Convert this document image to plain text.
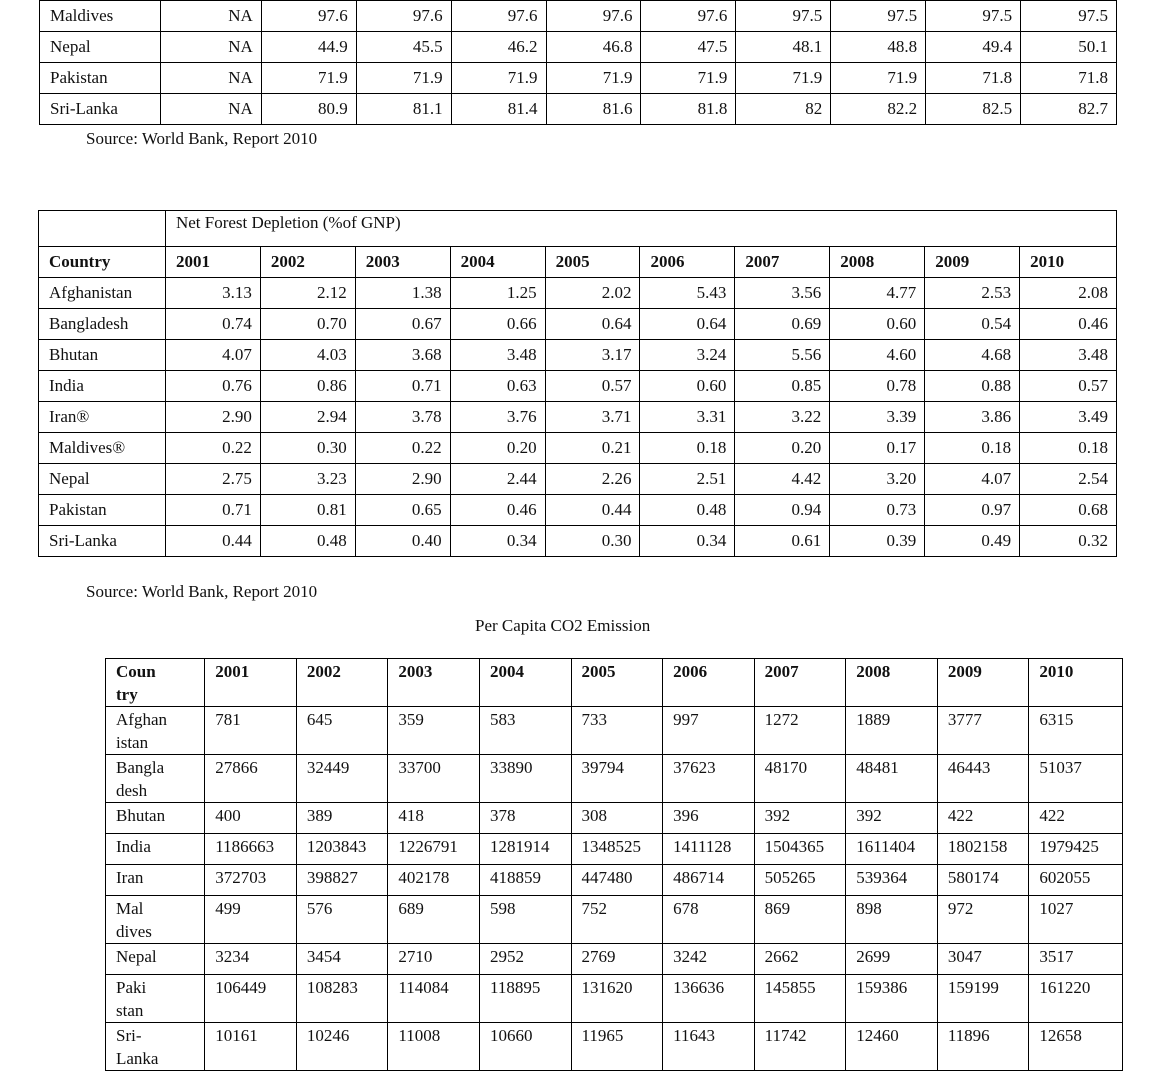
Maldives	NA	97.6	97.6	97.6	97.6	97.6	97.5	97.5	97.5	97.5
Nepal	NA	44.9	45.5	46.2	46.8	47.5	48.1	48.8	49.4	50.1
Pakistan	NA	71.9	71.9	71.9	71.9	71.9	71.9	71.9	71.8	71.8
Sri-Lanka	NA	80.9	81.1	81.4	81.6	81.8	82	82.2	82.5	82.7
Source: World Bank, Report 2010
	Net Forest Depletion (%of GNP)									
Country	2001	2002	2003	2004	2005	2006	2007	2008	2009	2010
Afghanistan	3.13	2.12	1.38	1.25	2.02	5.43	3.56	4.77	2.53	2.08
Bangladesh	0.74	0.70	0.67	0.66	0.64	0.64	0.69	0.60	0.54	0.46
Bhutan	4.07	4.03	3.68	3.48	3.17	3.24	5.56	4.60	4.68	3.48
India	0.76	0.86	0.71	0.63	0.57	0.60	0.85	0.78	0.88	0.57
Iran®	2.90	2.94	3.78	3.76	3.71	3.31	3.22	3.39	3.86	3.49
Maldives®	0.22	0.30	0.22	0.20	0.21	0.18	0.20	0.17	0.18	0.18
Nepal	2.75	3.23	2.90	2.44	2.26	2.51	4.42	3.20	4.07	2.54
Pakistan	0.71	0.81	0.65	0.46	0.44	0.48	0.94	0.73	0.97	0.68
Sri-Lanka	0.44	0.48	0.40	0.34	0.30	0.34	0.61	0.39	0.49	0.32
Source: World Bank, Report 2010
Per Capita CO2 Emission
Coun
try	2001	2002	2003	2004	2005	2006	2007	2008	2009	2010

Afghan
istan	781	645	359	583	733	997	1272	1889	3777	6315

Bangla
desh	27866	32449	33700	33890	39794	37623	48170	48481	46443	51037

Bhutan	400	389	418	378	308	396	392	392	422	422

India	1186663	1203843	1226791	1281914	1348525	1411128	1504365	1611404	1802158	1979425

Iran	372703	398827	402178	418859	447480	486714	505265	539364	580174	602055

Mal
dives	499	576	689	598	752	678	869	898	972	1027

Nepal	3234	3454	2710	2952	2769	3242	2662	2699	3047	3517

Paki
stan	106449	108283	114084	118895	131620	136636	145855	159386	159199	161220

Sri-
Lanka	10161	10246	11008	10660	11965	11643	11742	12460	11896	12658
